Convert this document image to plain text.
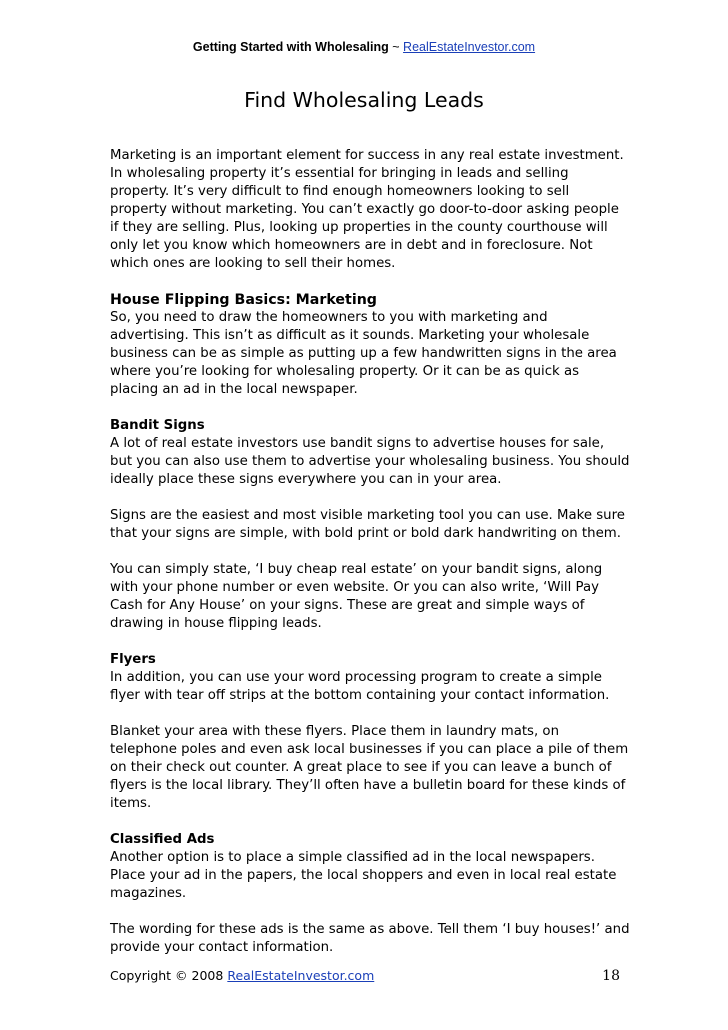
Getting Started with Wholesaling ~ RealEstateInvestor.com
Find Wholesaling Leads

Marketing is an important element for success in any real estate investment. In wholesaling property it’s essential for bringing in leads and selling property. It’s very difficult to find enough homeowners looking to sell property without marketing. You can’t exactly go door-to-door asking people if they are selling. Plus, looking up properties in the county courthouse will only let you know which homeowners are in debt and in foreclosure. Not which ones are looking to sell their homes.

House Flipping Basics: Marketing

So, you need to draw the homeowners to you with marketing and advertising. This isn’t as difficult as it sounds. Marketing your wholesale business can be as simple as putting up a few handwritten signs in the area where you’re looking for wholesaling property. Or it can be as quick as placing an ad in the local newspaper.

Bandit Signs

A lot of real estate investors use bandit signs to advertise houses for sale, but you can also use them to advertise your wholesaling business. You should ideally place these signs everywhere you can in your area.

Signs are the easiest and most visible marketing tool you can use. Make sure that your signs are simple, with bold print or bold dark handwriting on them.

You can simply state, ‘I buy cheap real estate’ on your bandit signs, along with your phone number or even website. Or you can also write, ‘Will Pay Cash for Any House’ on your signs. These are great and simple ways of drawing in house flipping leads.

Flyers

In addition, you can use your word processing program to create a simple flyer with tear off strips at the bottom containing your contact information.

Blanket your area with these flyers. Place them in laundry mats, on telephone poles and even ask local businesses if you can place a pile of them on their check out counter. A great place to see if you can leave a bunch of flyers is the local library. They’ll often have a bulletin board for these kinds of items.

Classified Ads

Another option is to place a simple classified ad in the local newspapers. Place your ad in the papers, the local shoppers and even in local real estate magazines.

The wording for these ads is the same as above. Tell them ‘I buy houses!’ and provide your contact information.

Copyright © 2008 RealEstateInvestor.com	18
